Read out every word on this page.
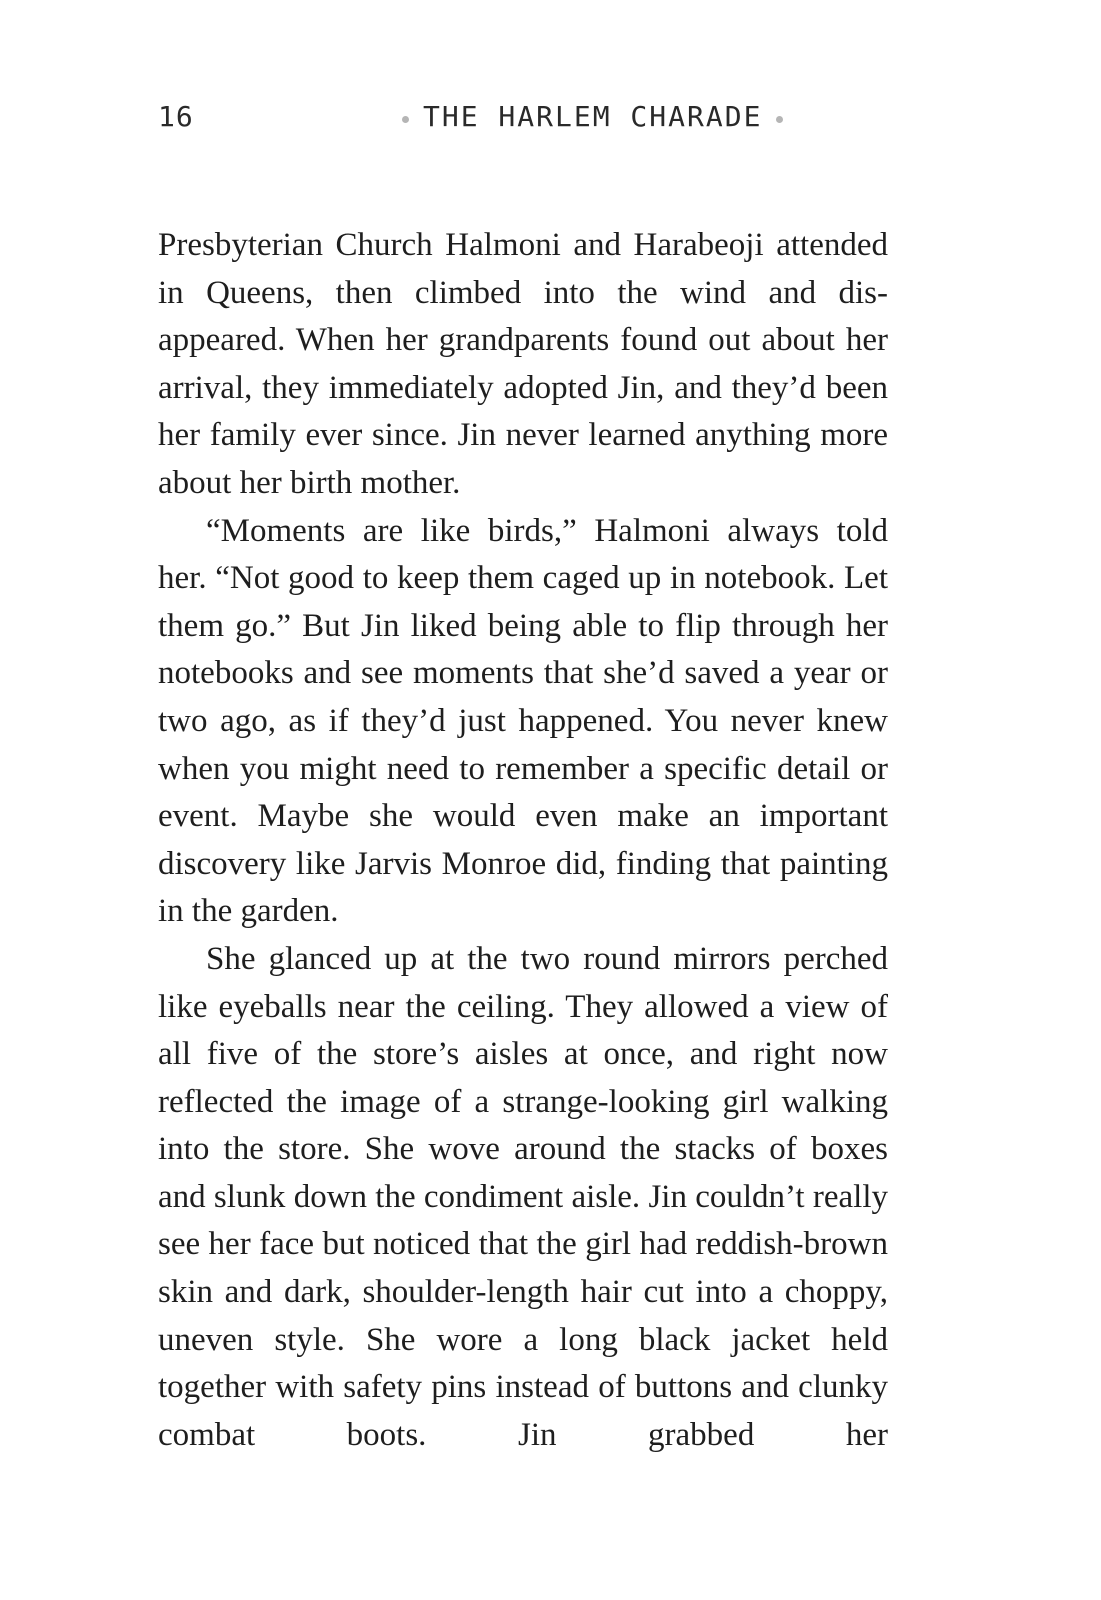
16	THE HARLEM CHARADE

Presbyterian Church Halmoni and Harabeoji attended in Queens, then climbed into the wind and dis-appeared. When her grandparents found out about her arrival, they immediately adopted Jin, and they’d been her family ever since. Jin never learned anything more about her birth mother.

“Moments are like birds,” Halmoni always told her. “Not good to keep them caged up in notebook. Let them go.” But Jin liked being able to flip through her notebooks and see moments that she’d saved a year or two ago, as if they’d just happened. You never knew when you might need to remember a specific detail or event. Maybe she would even make an important discovery like Jarvis Monroe did, finding that painting in the garden.

She glanced up at the two round mirrors perched like eyeballs near the ceiling. They allowed a view of all five of the store’s aisles at once, and right now reflected the image of a strange-looking girl walking into the store. She wove around the stacks of boxes and slunk down the condiment aisle. Jin couldn’t really see her face but noticed that the girl had reddish-brown skin and dark, shoulder-length hair cut into a choppy, uneven style. She wore a long black jacket held together with safety pins instead of buttons and clunky combat boots. Jin grabbed her
